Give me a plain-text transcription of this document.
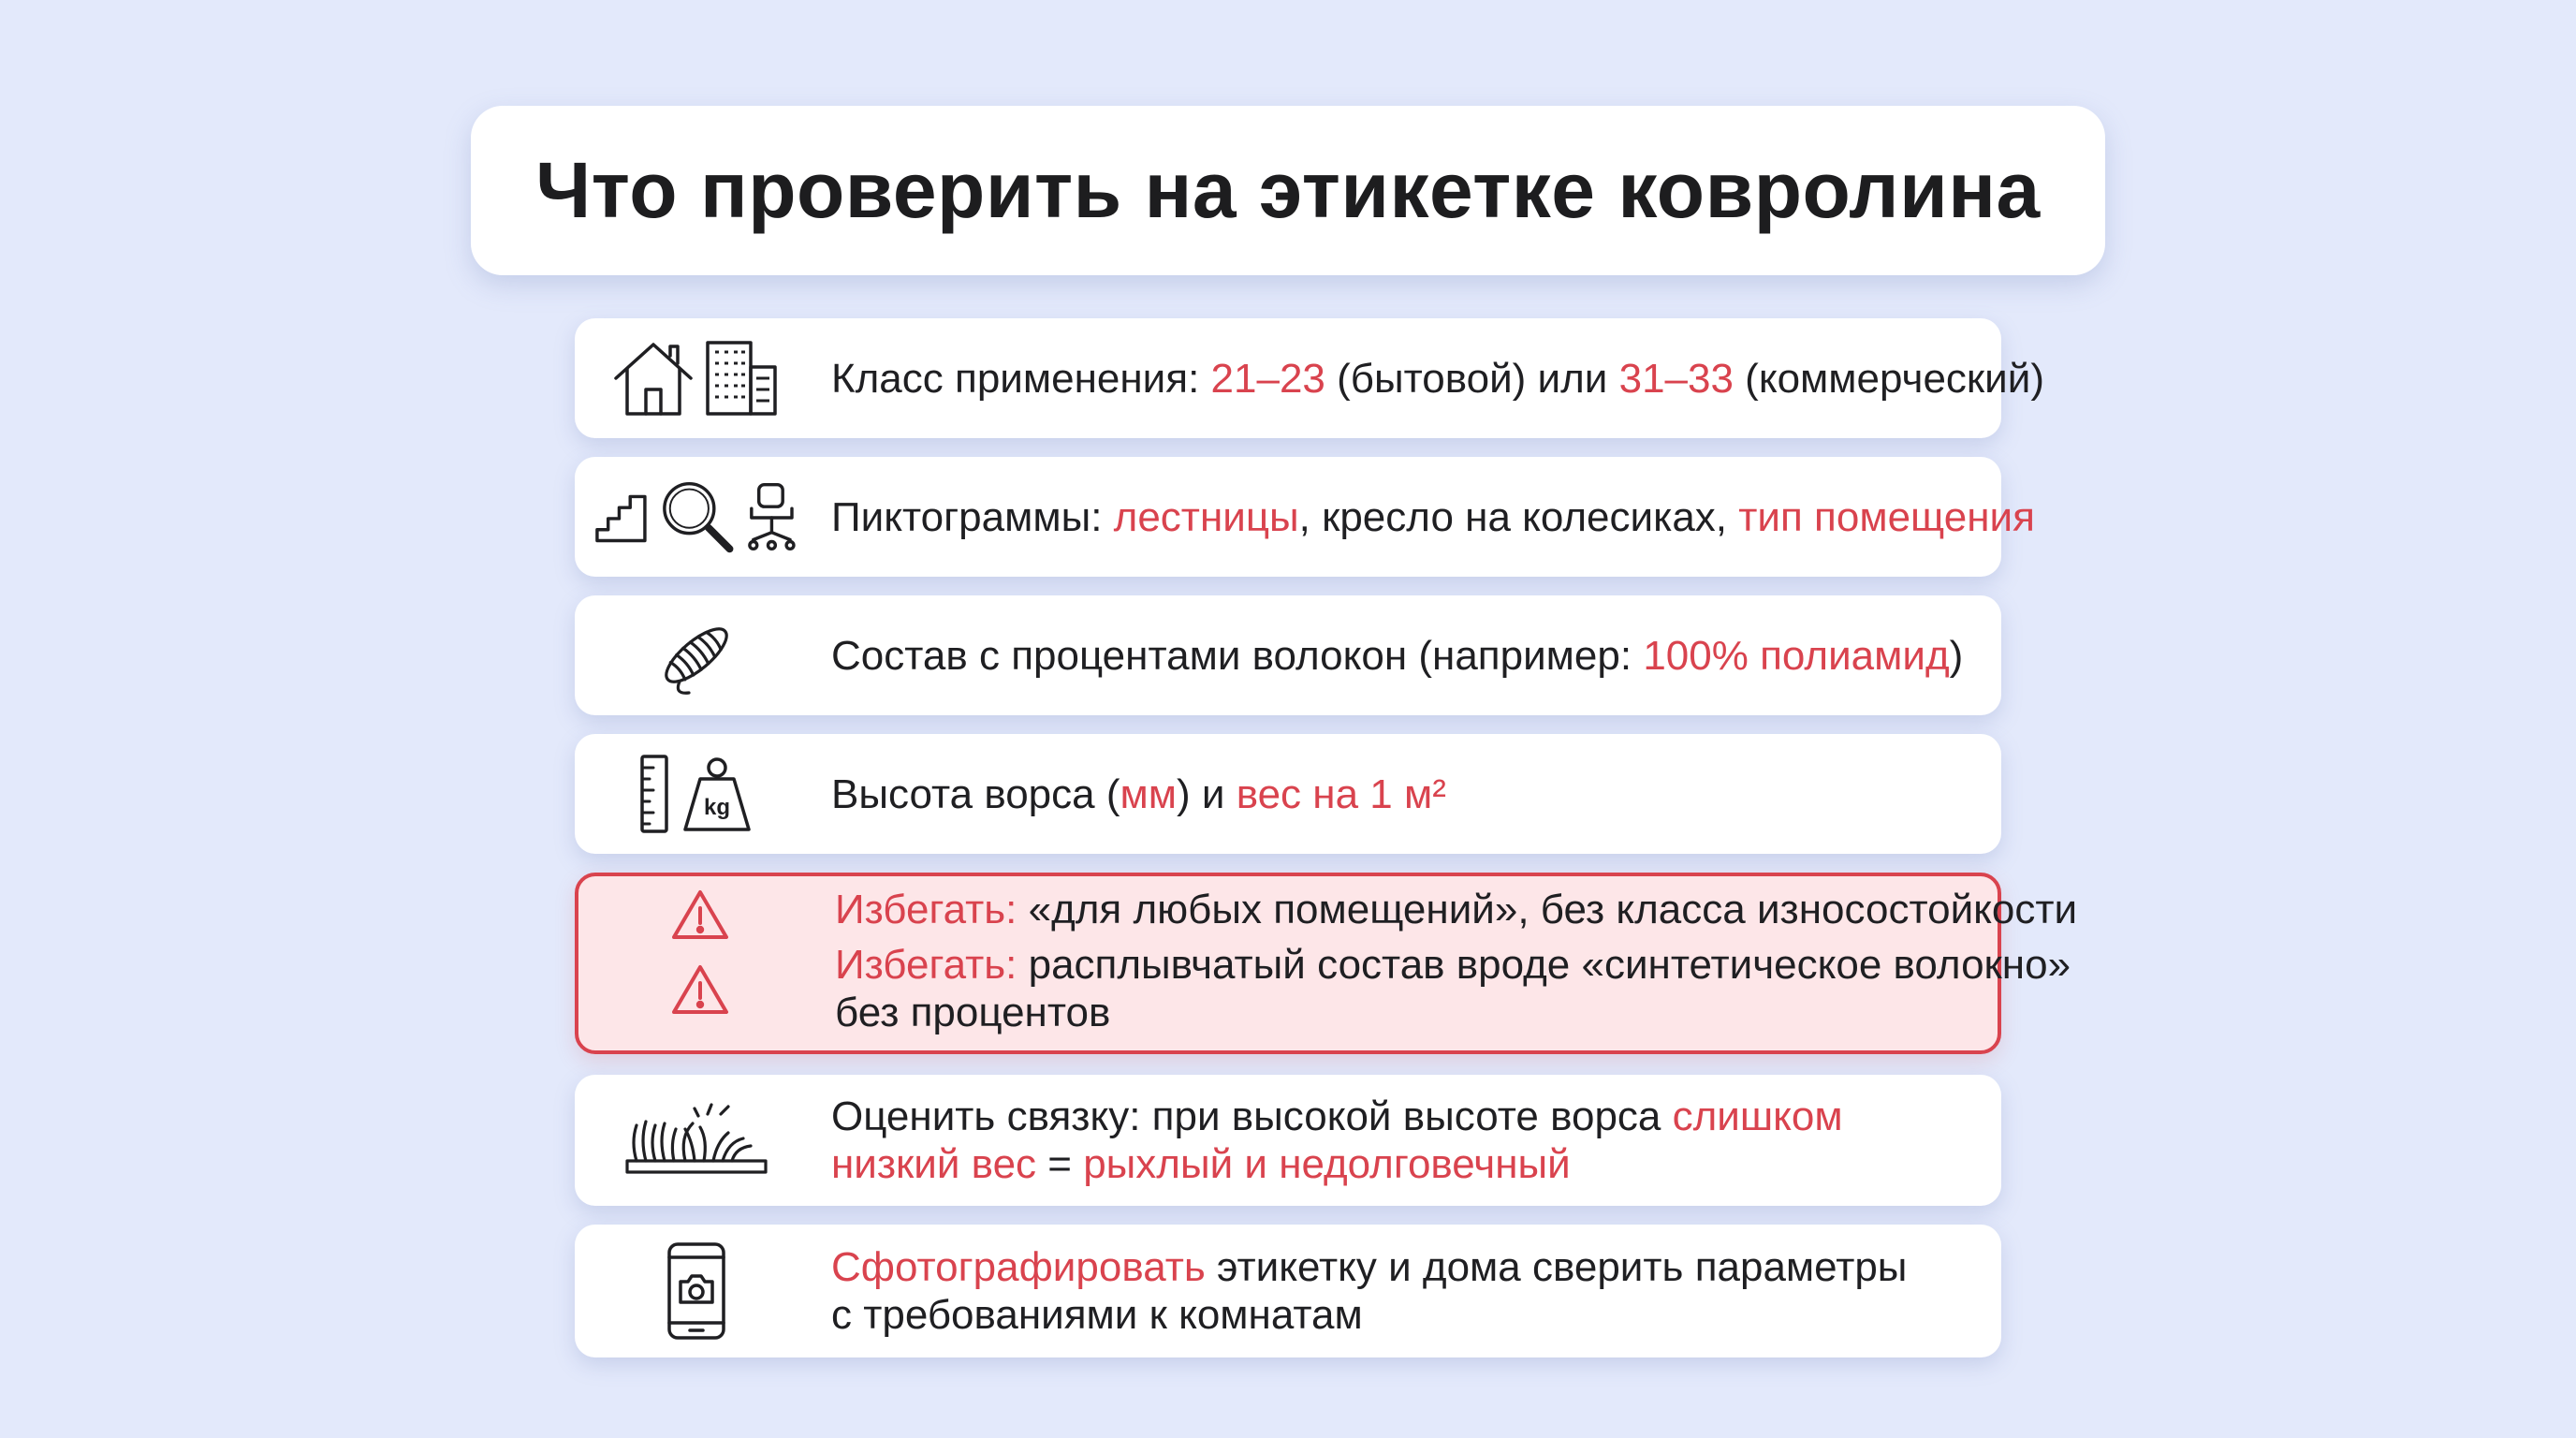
Что проверить на этикетке ковролина
Класс применения: 21–23 (бытовой) или 31–33 (коммерческий)
Пиктограммы: лестницы, кресло на колесиках, тип помещения
Состав с процентами волокон (например: 100% полиамид)
kg Высота ворса (мм) и вес на 1 м²
Избегать: «для любых помещений», без класса износостойкости
Избегать: расплывчатый состав вроде «синтетическое волокно»
без процентов
Оценить связку: при высокой высоте ворса слишком
низкий вес = рыхлый и недолговечный
Сфотографировать этикетку и дома сверить параметры
с требованиями к комнатам
